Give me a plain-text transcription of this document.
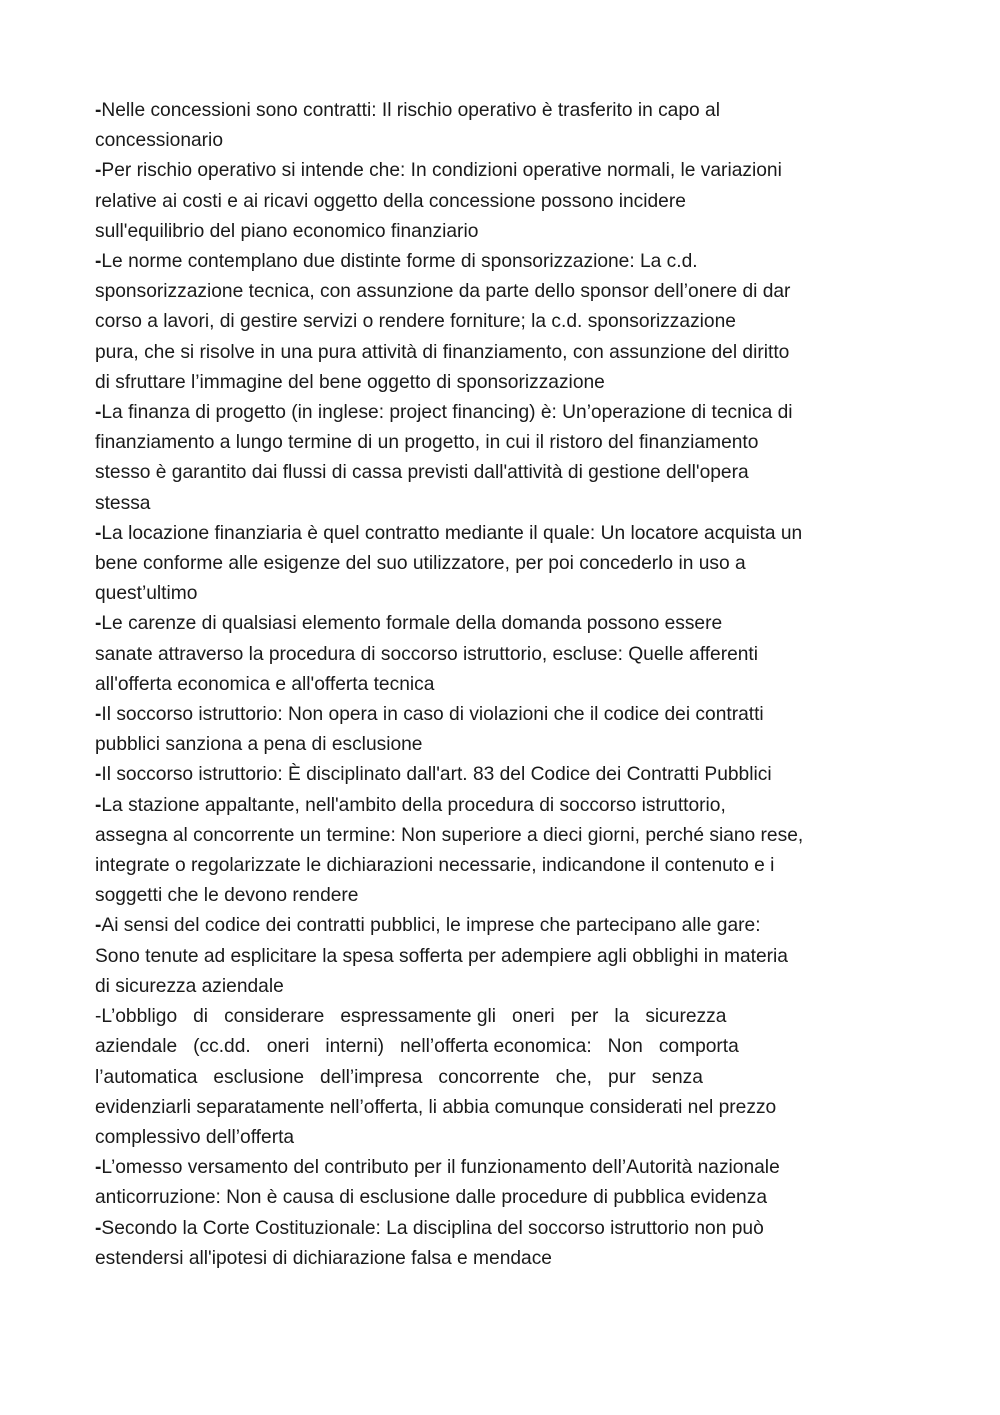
-Nelle concessioni sono contratti: Il rischio operativo è trasferito in capo al
concessionario

-Per rischio operativo si intende che: In condizioni operative normali, le variazioni
relative ai costi e ai ricavi oggetto della concessione possono incidere
sull'equilibrio del piano economico finanziario

-Le norme contemplano due distinte forme di sponsorizzazione: La c.d.
sponsorizzazione tecnica, con assunzione da parte dello sponsor dell’onere di dar
corso a lavori, di gestire servizi o rendere forniture; la c.d. sponsorizzazione
pura, che si risolve in una pura attività di finanziamento, con assunzione del diritto
di sfruttare l’immagine del bene oggetto di sponsorizzazione

-La finanza di progetto (in inglese: project financing) è: Un’operazione di tecnica di
finanziamento a lungo termine di un progetto, in cui il ristoro del finanziamento
stesso è garantito dai flussi di cassa previsti dall'attività di gestione dell'opera
stessa

-La locazione finanziaria è quel contratto mediante il quale: Un locatore acquista un
bene conforme alle esigenze del suo utilizzatore, per poi concederlo in uso a
quest’ultimo

-Le carenze di qualsiasi elemento formale della domanda possono essere
sanate attraverso la procedura di soccorso istruttorio, escluse: Quelle afferenti
all'offerta economica e all'offerta tecnica

-Il soccorso istruttorio: Non opera in caso di violazioni che il codice dei contratti
pubblici sanziona a pena di esclusione

-Il soccorso istruttorio: È disciplinato dall'art. 83 del Codice dei Contratti Pubblici

-La stazione appaltante, nell'ambito della procedura di soccorso istruttorio,
assegna al concorrente un termine: Non superiore a dieci giorni, perché siano rese,
integrate o regolarizzate le dichiarazioni necessarie, indicandone il contenuto e i
soggetti che le devono rendere

-Ai sensi del codice dei contratti pubblici, le imprese che partecipano alle gare:
Sono tenute ad esplicitare la spesa sofferta per adempiere agli obblighi in materia
di sicurezza aziendale

-L’obbligo   di   considerare   espressamente gli   oneri   per   la   sicurezza
aziendale   (cc.dd.   oneri   interni)   nell’offerta economica:   Non   comporta
l’automatica   esclusione   dell’impresa   concorrente   che,   pur   senza
evidenziarli separatamente nell’offerta, li abbia comunque considerati nel prezzo
complessivo dell’offerta

-L’omesso versamento del contributo per il funzionamento dell’Autorità nazionale
anticorruzione: Non è causa di esclusione dalle procedure di pubblica evidenza

-Secondo la Corte Costituzionale: La disciplina del soccorso istruttorio non può
estendersi all'ipotesi di dichiarazione falsa e mendace
